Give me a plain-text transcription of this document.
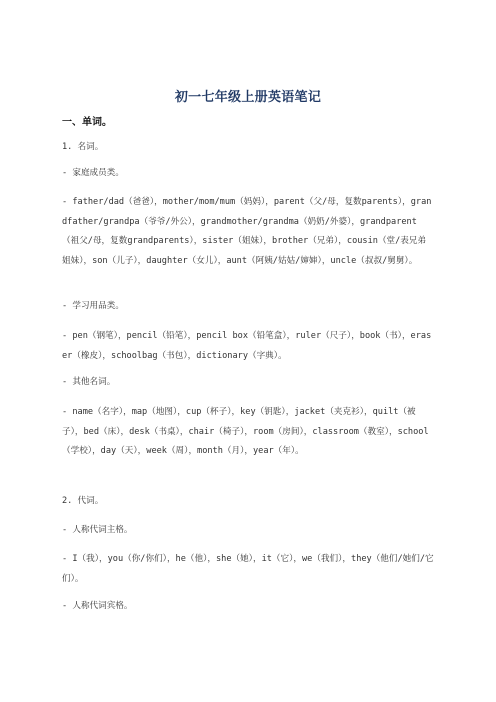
初一七年级上册英语笔记
一、单词。
1. 名词。
- 家庭成员类。
- father/dad（爸爸），mother/mom/mum（妈妈），parent（父/母，复数parents），grandfather/grandpa（爷爷/外公），grandmother/grandma（奶奶/外婆），grandparent（祖父/母，复数grandparents），sister（姐妹），brother（兄弟），cousin（堂/表兄弟姐妹），son（儿子），daughter（女儿），aunt（阿姨/姑姑/婶婶），uncle（叔叔/舅舅）。
- 学习用品类。
- pen（钢笔），pencil（铅笔），pencil box（铅笔盒），ruler（尺子），book（书），eraser（橡皮），schoolbag（书包），dictionary（字典）。
- 其他名词。
- name（名字），map（地图），cup（杯子），key（钥匙），jacket（夹克衫），quilt（被子），bed（床），desk（书桌），chair（椅子），room（房间），classroom（教室），school（学校），day（天），week（周），month（月），year（年）。
2. 代词。
- 人称代词主格。
- I（我），you（你/你们），he（他），she（她），it（它），we（我们），they（他们/她们/它们）。
- 人称代词宾格。
